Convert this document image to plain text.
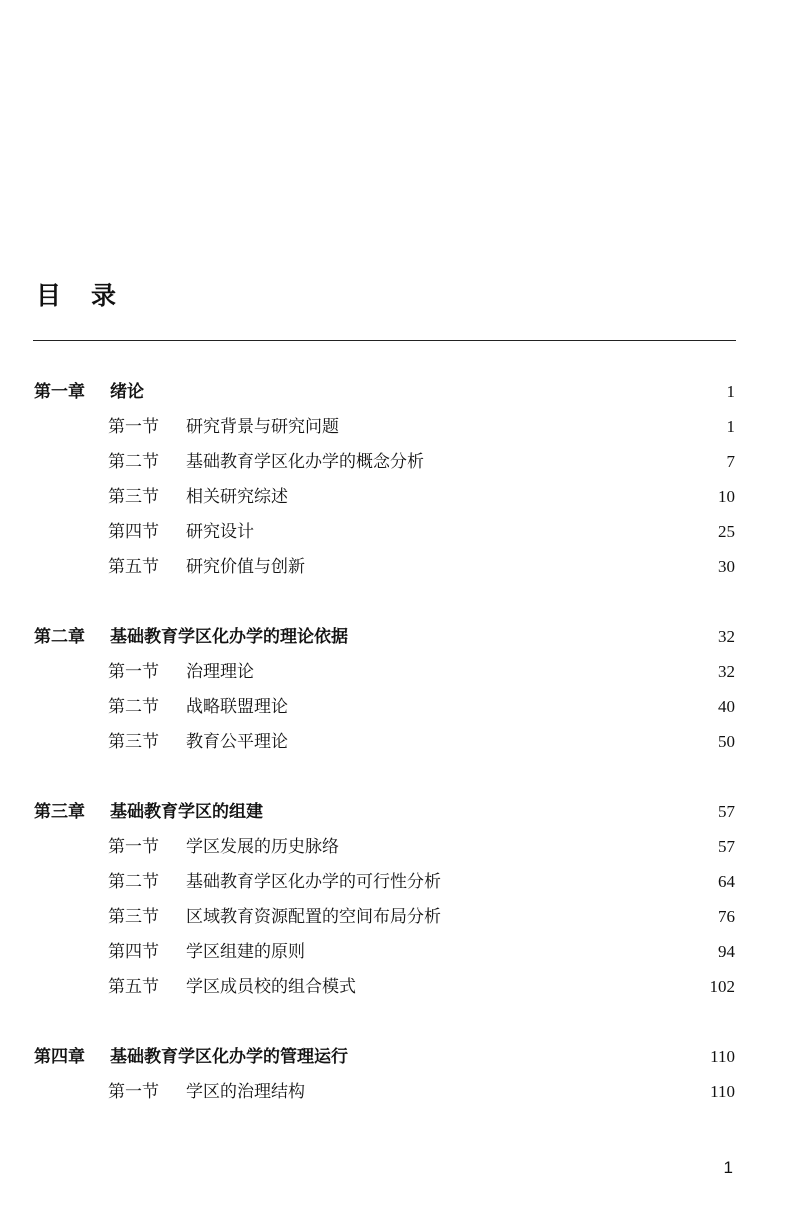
目录
第一章 绪论	1
第一节 研究背景与研究问题	1
第二节 基础教育学区化办学的概念分析	7
第三节 相关研究综述	10
第四节 研究设计	25
第五节 研究价值与创新	30
第二章 基础教育学区化办学的理论依据	32
第一节 治理理论	32
第二节 战略联盟理论	40
第三节 教育公平理论	50
第三章 基础教育学区的组建	57
第一节 学区发展的历史脉络	57
第二节 基础教育学区化办学的可行性分析	64
第三节 区域教育资源配置的空间布局分析	76
第四节 学区组建的原则	94
第五节 学区成员校的组合模式	102
第四章 基础教育学区化办学的管理运行	110
第一节 学区的治理结构	110
1
